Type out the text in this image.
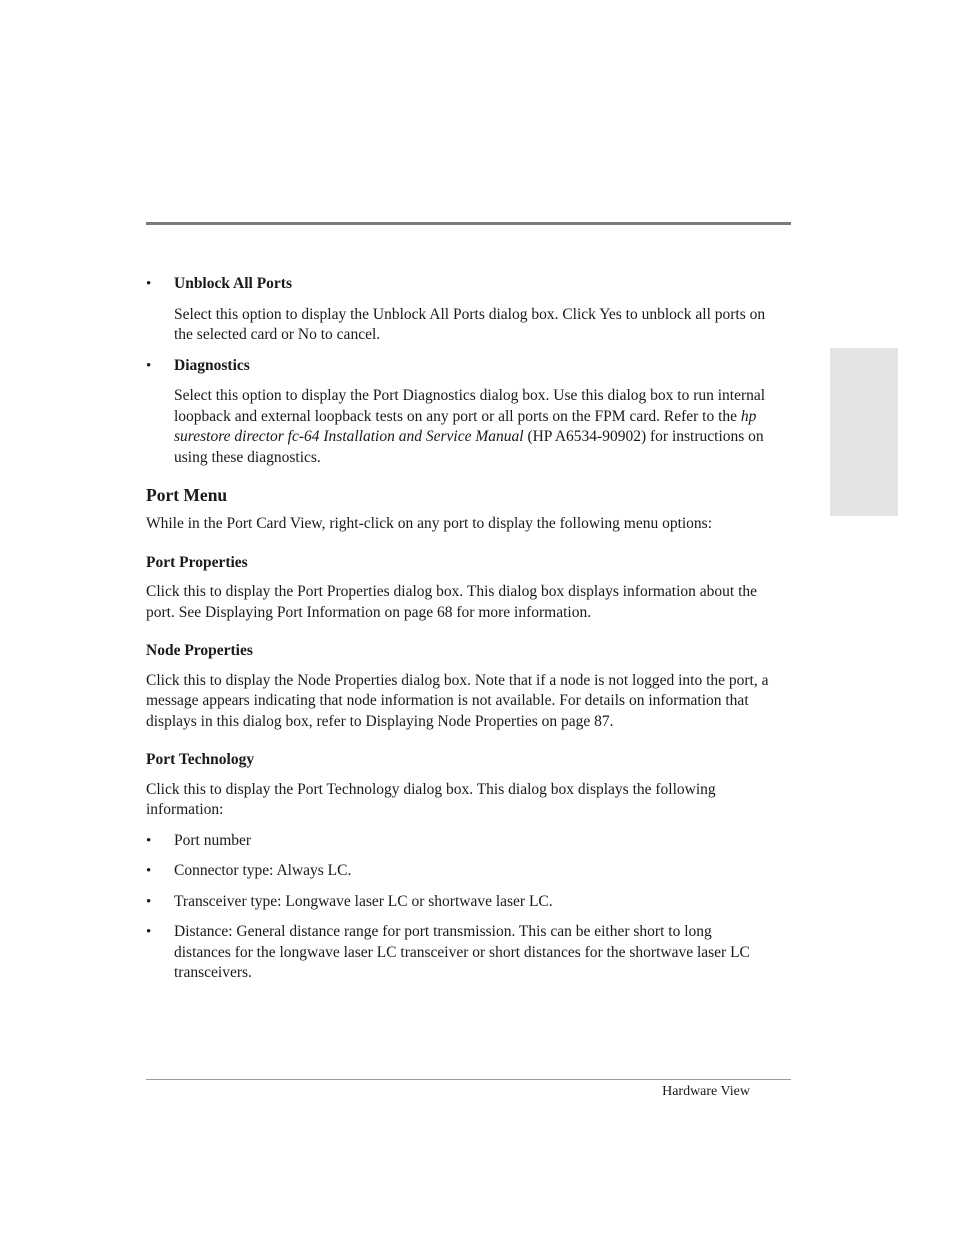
•	Unblock All Ports

Select this option to display the Unblock All Ports dialog box. Click Yes to unblock all ports on the selected card or No to cancel.

•	Diagnostics

Select this option to display the Port Diagnostics dialog box. Use this dialog box to run internal loopback and external loopback tests on any port or all ports on the FPM card. Refer to the hp surestore director fc-64 Installation and Service Manual (HP A6534-90902) for instructions on using these diagnostics.

Port Menu

While in the Port Card View, right-click on any port to display the following menu options:

Port Properties

Click this to display the Port Properties dialog box. This dialog box displays information about the port. See Displaying Port Information on page 68 for more information.

Node Properties

Click this to display the Node Properties dialog box. Note that if a node is not logged into the port, a message appears indicating that node information is not available. For details on information that displays in this dialog box, refer to Displaying Node Properties on page 87.

Port Technology

Click this to display the Port Technology dialog box. This dialog box displays the following information:

•	Port number

•	Connector type: Always LC.

•	Transceiver type: Longwave laser LC or shortwave laser LC.

•	Distance: General distance range for port transmission. This can be either short to long distances for the longwave laser LC transceiver or short distances for the shortwave laser LC transceivers.

Hardware View
